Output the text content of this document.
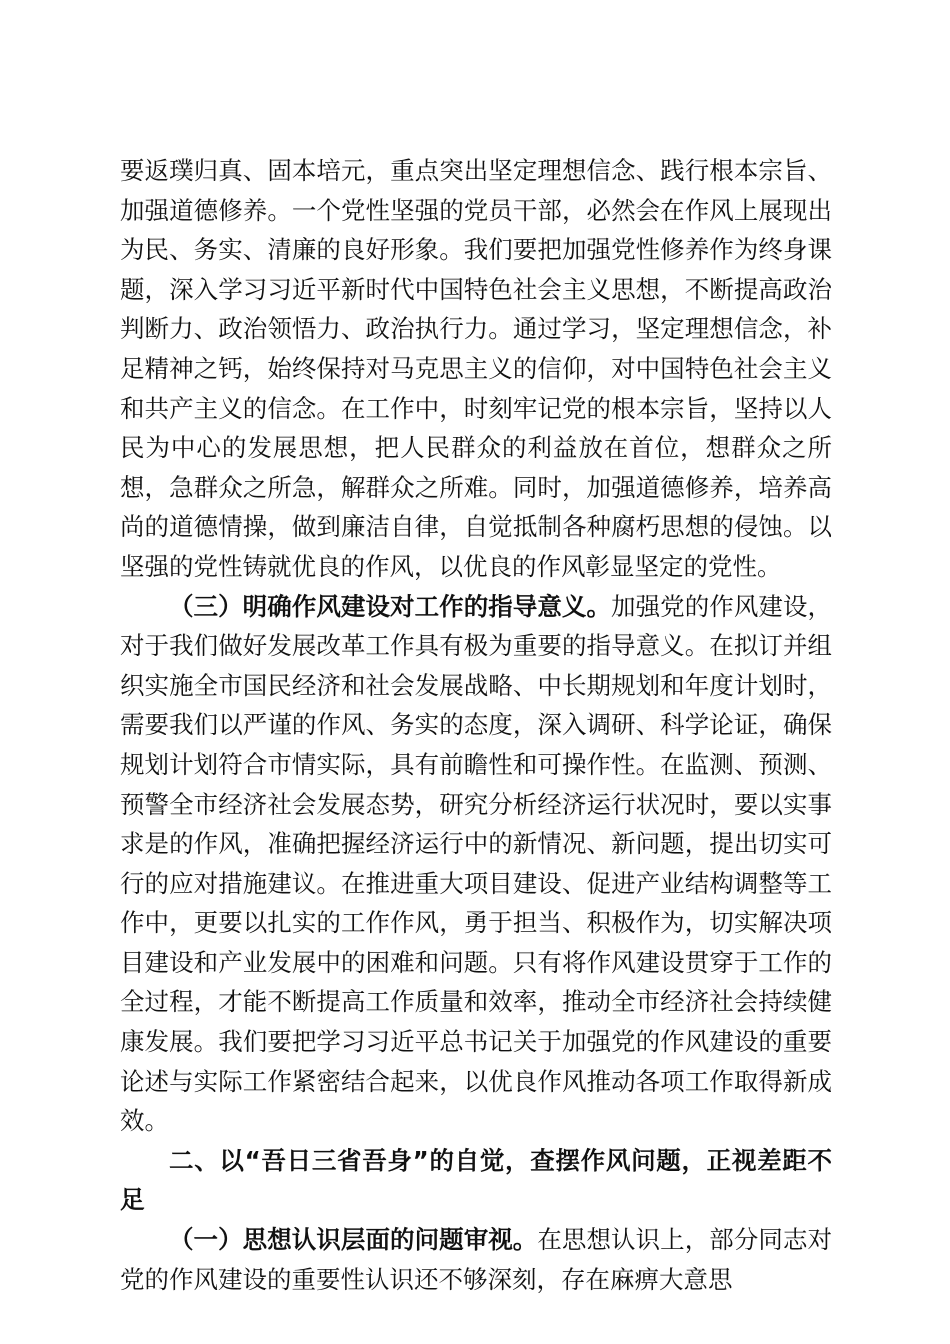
要返璞归真、固本培元，重点突出坚定理想信念、践行根本宗旨、加强道德修养。一个党性坚强的党员干部，必然会在作风上展现出为民、务实、清廉的良好形象。我们要把加强党性修养作为终身课题，深入学习习近平新时代中国特色社会主义思想，不断提高政治判断力、政治领悟力、政治执行力。通过学习，坚定理想信念，补足精神之钙，始终保持对马克思主义的信仰，对中国特色社会主义和共产主义的信念。在工作中，时刻牢记党的根本宗旨，坚持以人民为中心的发展思想，把人民群众的利益放在首位，想群众之所想，急群众之所急，解群众之所难。同时，加强道德修养，培养高尚的道德情操，做到廉洁自律，自觉抵制各种腐朽思想的侵蚀。以坚强的党性铸就优良的作风，以优良的作风彰显坚定的党性。

（三）明确作风建设对工作的指导意义。加强党的作风建设，对于我们做好发展改革工作具有极为重要的指导意义。在拟订并组织实施全市国民经济和社会发展战略、中长期规划和年度计划时，需要我们以严谨的作风、务实的态度，深入调研、科学论证，确保规划计划符合市情实际，具有前瞻性和可操作性。在监测、预测、预警全市经济社会发展态势，研究分析经济运行状况时，要以实事求是的作风，准确把握经济运行中的新情况、新问题，提出切实可行的应对措施建议。在推进重大项目建设、促进产业结构调整等工作中，更要以扎实的工作作风，勇于担当、积极作为，切实解决项目建设和产业发展中的困难和问题。只有将作风建设贯穿于工作的全过程，才能不断提高工作质量和效率，推动全市经济社会持续健康发展。我们要把学习习近平总书记关于加强党的作风建设的重要论述与实际工作紧密结合起来，以优良作风推动各项工作取得新成效。

二、以“吾日三省吾身”的自觉，查摆作风问题，正视差距不足

（一）思想认识层面的问题审视。在思想认识上，部分同志对党的作风建设的重要性认识还不够深刻，存在麻痹大意思
